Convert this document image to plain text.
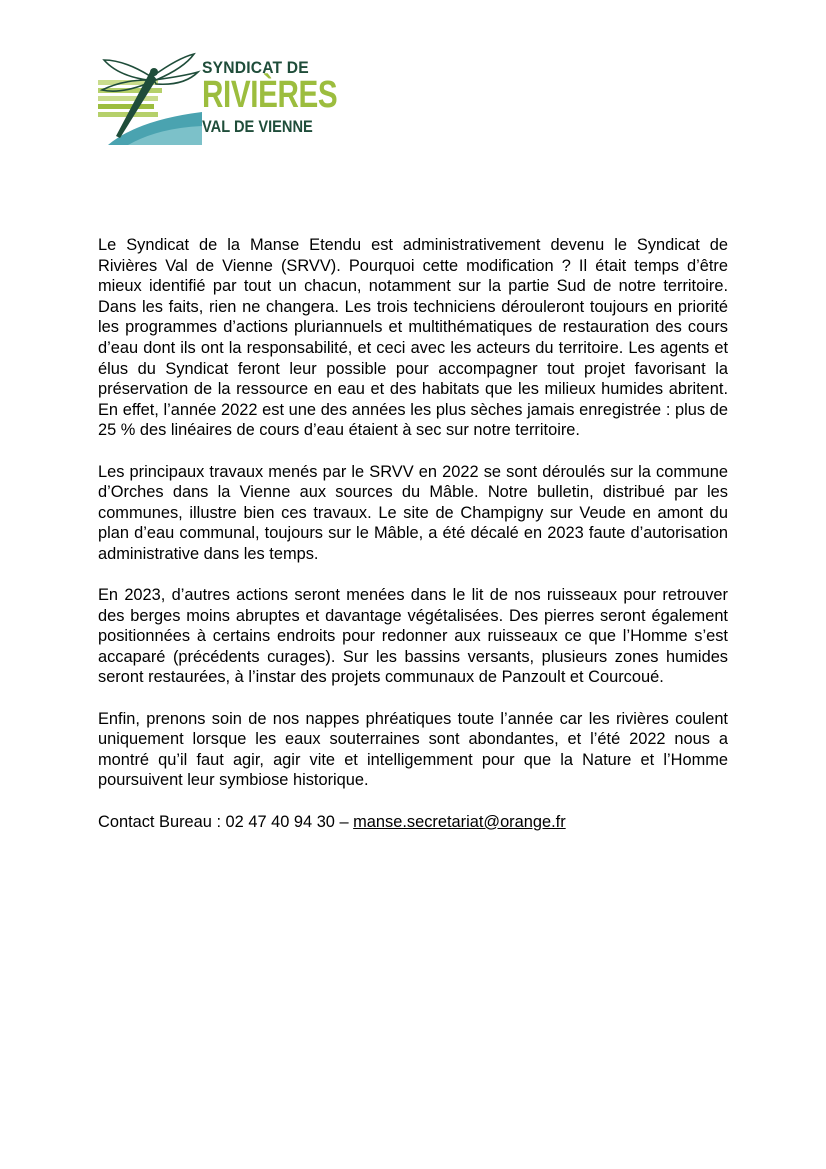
SYNDICAT DE
RIVIÈRES
VAL DE VIENNE

Le Syndicat de la Manse Etendu est administrativement devenu le Syndicat de Rivières Val de Vienne (SRVV). Pourquoi cette modification ? Il était temps d’être mieux identifié par tout un chacun, notamment sur la partie Sud de notre territoire. Dans les faits, rien ne changera. Les trois techniciens dérouleront toujours en priorité les programmes d’actions pluriannuels et multithématiques de restauration des cours d’eau dont ils ont la responsabilité, et ceci avec les acteurs du territoire. Les agents et élus du Syndicat feront leur possible pour accompagner tout projet favorisant la préservation de la ressource en eau et des habitats que les milieux humides abritent. En effet, l’année 2022 est une des années les plus sèches jamais enregistrée : plus de 25 % des linéaires de cours d’eau étaient à sec sur notre territoire.

Les principaux travaux menés par le SRVV en 2022 se sont déroulés sur la commune d’Orches dans la Vienne aux sources du Mâble. Notre bulletin, distribué par les communes, illustre bien ces travaux. Le site de Champigny sur Veude en amont du plan d’eau communal, toujours sur le Mâble, a été décalé en 2023 faute d’autorisation administrative dans les temps.

En 2023, d’autres actions seront menées dans le lit de nos ruisseaux pour retrouver des berges moins abruptes et davantage végétalisées. Des pierres seront également positionnées à certains endroits pour redonner aux ruisseaux ce que l’Homme s’est accaparé (précédents curages). Sur les bassins versants, plusieurs zones humides seront restaurées, à l’instar des projets communaux de Panzoult et Courcoué.

Enfin, prenons soin de nos nappes phréatiques toute l’année car les rivières coulent uniquement lorsque les eaux souterraines sont abondantes, et l’été 2022 nous a montré qu’il faut agir, agir vite et intelligemment pour que la Nature et l’Homme poursuivent leur symbiose historique.

Contact Bureau : 02 47 40 94 30 – manse.secretariat@orange.fr
